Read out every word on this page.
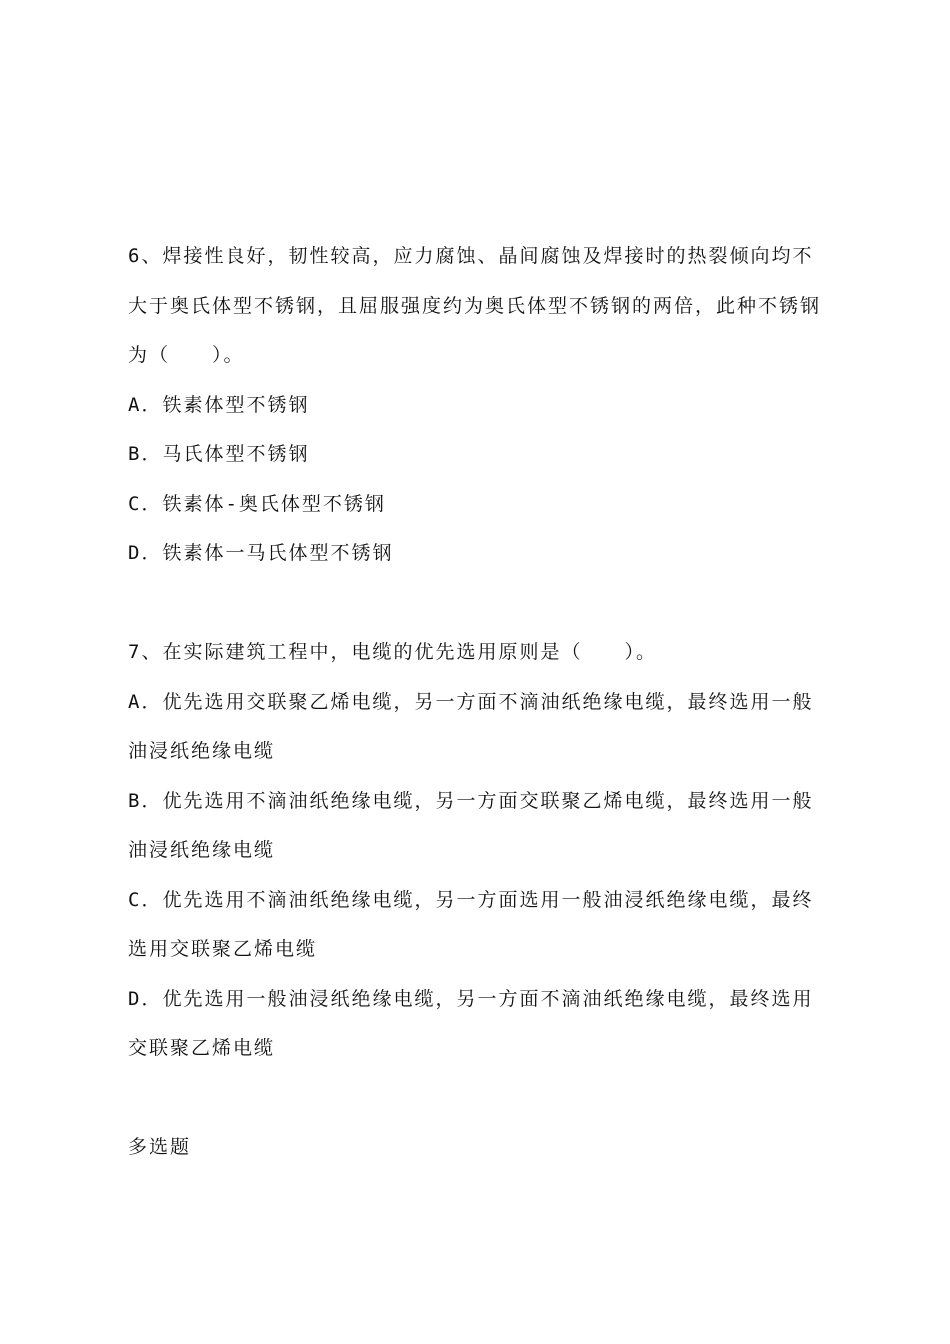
6、焊接性良好，韧性较高，应力腐蚀、晶间腐蚀及焊接时的热裂倾向均不大于奥氏体型不锈钢，且屈服强度约为奥氏体型不锈钢的两倍，此种不锈钢为（　　）。

A．铁素体型不锈钢

B．马氏体型不锈钢

C．铁素体-奥氏体型不锈钢

D．铁素体一马氏体型不锈钢

7、在实际建筑工程中，电缆的优先选用原则是（　　）。

A．优先选用交联聚乙烯电缆，另一方面不滴油纸绝缘电缆，最终选用一般油浸纸绝缘电缆

B．优先选用不滴油纸绝缘电缆，另一方面交联聚乙烯电缆，最终选用一般油浸纸绝缘电缆

C．优先选用不滴油纸绝缘电缆，另一方面选用一般油浸纸绝缘电缆，最终选用交联聚乙烯电缆

D．优先选用一般油浸纸绝缘电缆，另一方面不滴油纸绝缘电缆，最终选用交联聚乙烯电缆

多选题
